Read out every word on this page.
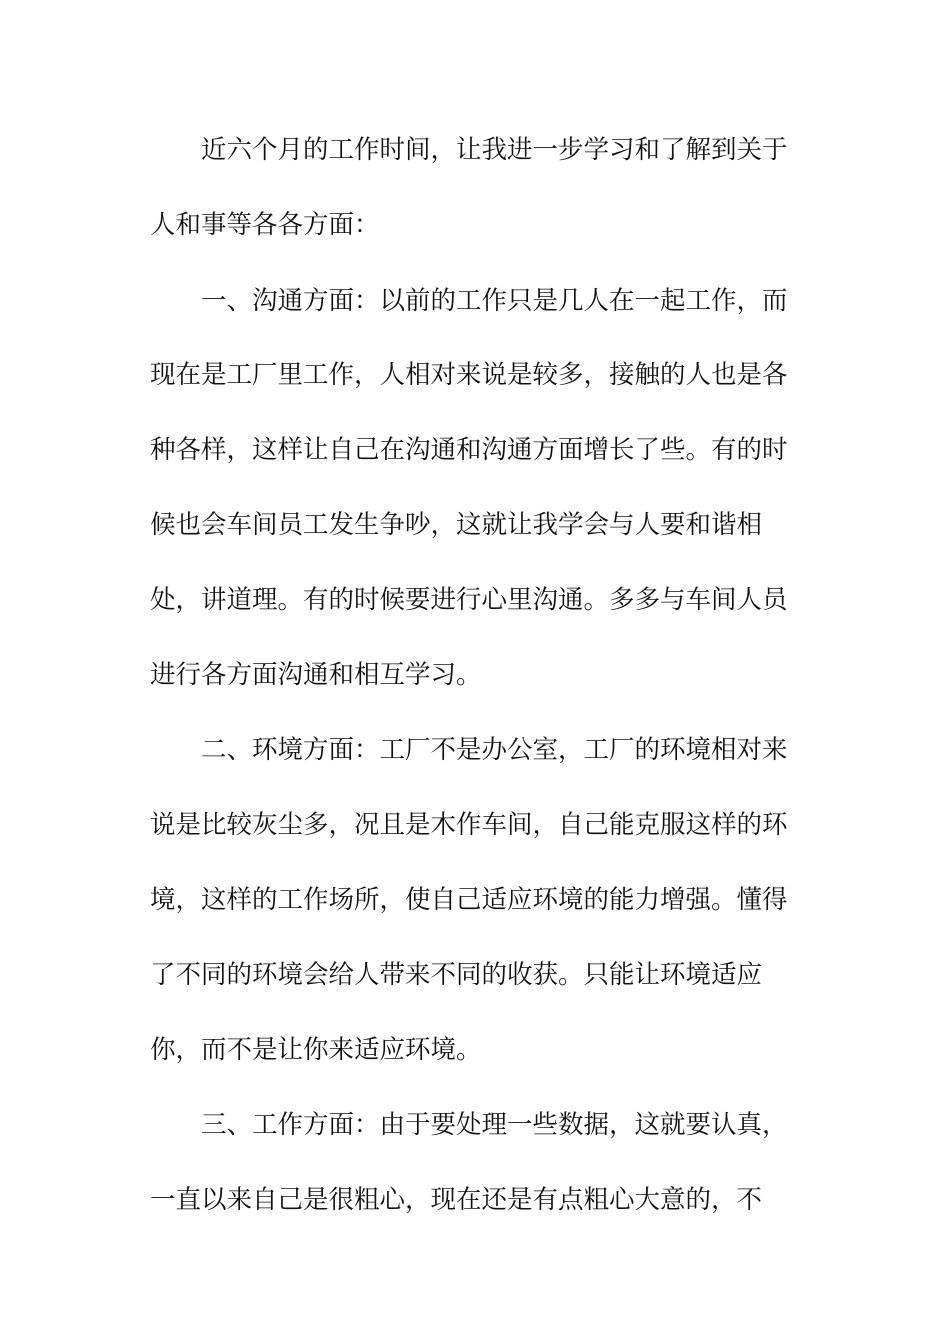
近六个月的工作时间，让我进一步学习和了解到关于
人和事等各各方面：
一、沟通方面：以前的工作只是几人在一起工作，而
现在是工厂里工作，人相对来说是较多，接触的人也是各
种各样，这样让自己在沟通和沟通方面增长了些。有的时
候也会车间员工发生争吵，这就让我学会与人要和谐相
处，讲道理。有的时候要进行心里沟通。多多与车间人员
进行各方面沟通和相互学习。
二、环境方面：工厂不是办公室，工厂的环境相对来
说是比较灰尘多，况且是木作车间，自己能克服这样的环
境，这样的工作场所，使自己适应环境的能力增强。懂得
了不同的环境会给人带来不同的收获。只能让环境适应
你，而不是让你来适应环境。
三、工作方面：由于要处理一些数据，这就要认真，
一直以来自己是很粗心，现在还是有点粗心大意的，不
